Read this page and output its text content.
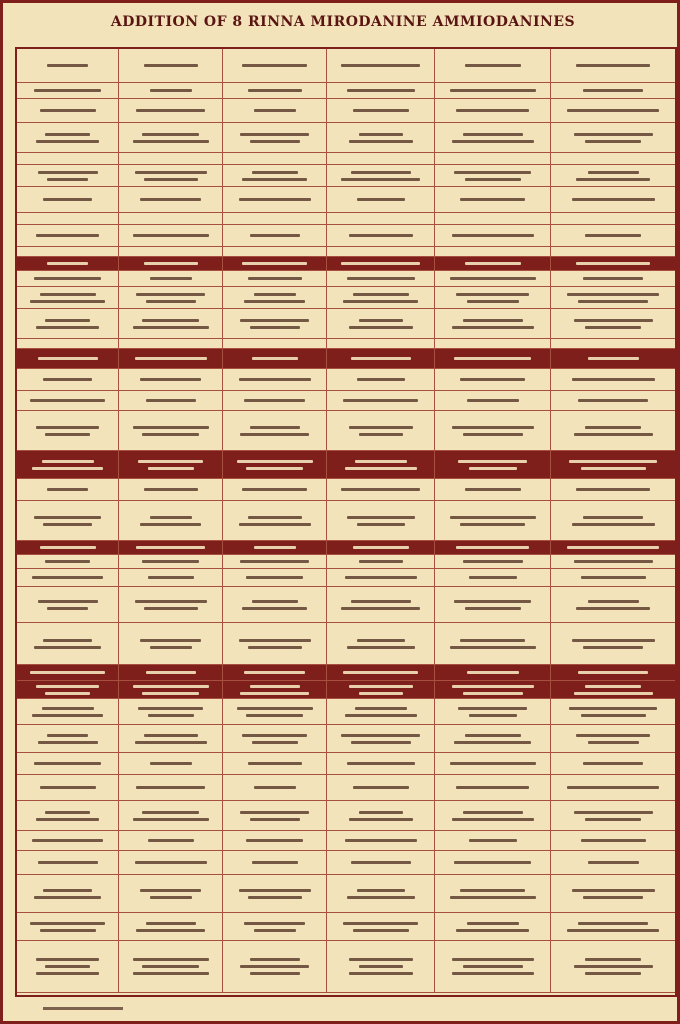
ADDITION OF 8 RINNA MIRODANINE AMMIODANINES
